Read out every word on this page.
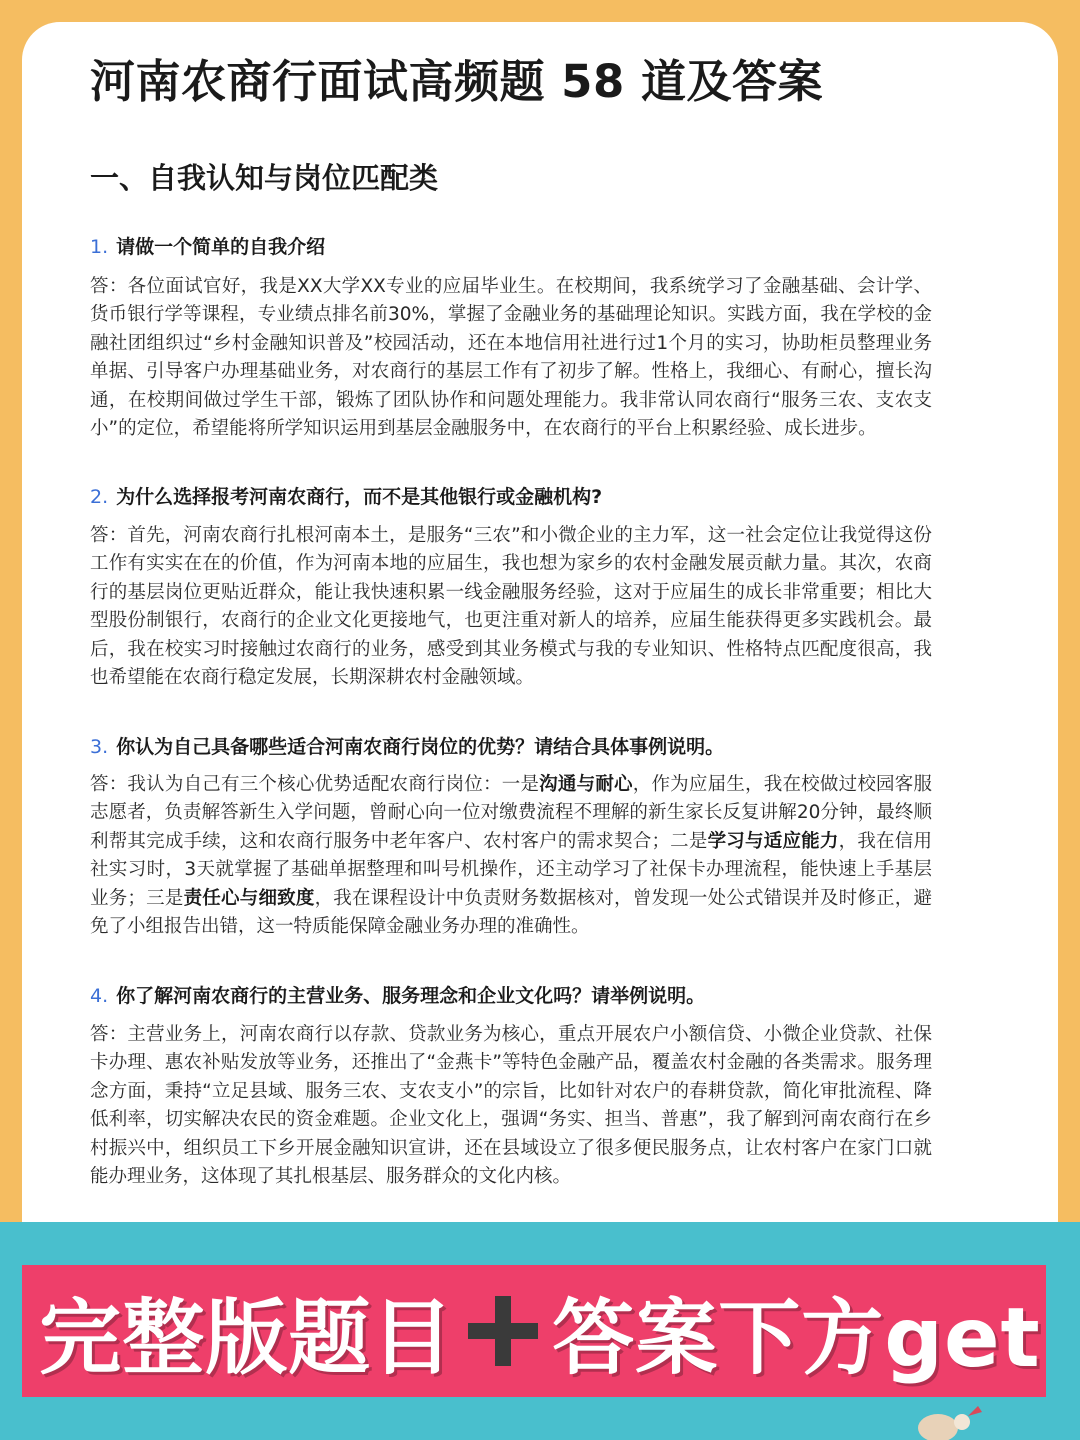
河南农商行面试高频题 58 道及答案
一、自我认知与岗位匹配类
1. 请做一个简单的自我介绍
答：各位面试官好，我是XX大学XX专业的应届毕业生。在校期间，我系统学习了金融基础、会计学、货币银行学等课程，专业绩点排名前30%，掌握了金融业务的基础理论知识。实践方面，我在学校的金融社团组织过“乡村金融知识普及”校园活动，还在本地信用社进行过1个月的实习，协助柜员整理业务单据、引导客户办理基础业务，对农商行的基层工作有了初步了解。性格上，我细心、有耐心，擅长沟通，在校期间做过学生干部，锻炼了团队协作和问题处理能力。我非常认同农商行“服务三农、支农支小”的定位，希望能将所学知识运用到基层金融服务中，在农商行的平台上积累经验、成长进步。
2. 为什么选择报考河南农商行，而不是其他银行或金融机构?
答：首先，河南农商行扎根河南本土，是服务“三农”和小微企业的主力军，这一社会定位让我觉得这份工作有实实在在的价值，作为河南本地的应届生，我也想为家乡的农村金融发展贡献力量。其次，农商行的基层岗位更贴近群众，能让我快速积累一线金融服务经验，这对于应届生的成长非常重要；相比大型股份制银行，农商行的企业文化更接地气，也更注重对新人的培养，应届生能获得更多实践机会。最后，我在校实习时接触过农商行的业务，感受到其业务模式与我的专业知识、性格特点匹配度很高，我也希望能在农商行稳定发展，长期深耕农村金融领域。
3. 你认为自己具备哪些适合河南农商行岗位的优势？请结合具体事例说明。
答：我认为自己有三个核心优势适配农商行岗位：一是沟通与耐心，作为应届生，我在校做过校园客服志愿者，负责解答新生入学问题，曾耐心向一位对缴费流程不理解的新生家长反复讲解20分钟，最终顺利帮其完成手续，这和农商行服务中老年客户、农村客户的需求契合；二是学习与适应能力，我在信用社实习时，3天就掌握了基础单据整理和叫号机操作，还主动学习了社保卡办理流程，能快速上手基层业务；三是责任心与细致度，我在课程设计中负责财务数据核对，曾发现一处公式错误并及时修正，避免了小组报告出错，这一特质能保障金融业务办理的准确性。
4. 你了解河南农商行的主营业务、服务理念和企业文化吗？请举例说明。
答：主营业务上，河南农商行以存款、贷款业务为核心，重点开展农户小额信贷、小微企业贷款、社保卡办理、惠农补贴发放等业务，还推出了“金燕卡”等特色金融产品，覆盖农村金融的各类需求。服务理念方面，秉持“立足县域、服务三农、支农支小”的宗旨，比如针对农户的春耕贷款，简化审批流程、降低利率，切实解决农民的资金难题。企业文化上，强调“务实、担当、普惠”，我了解到河南农商行在乡村振兴中，组织员工下乡开展金融知识宣讲，还在县域设立了很多便民服务点，让农村客户在家门口就能办理业务，这体现了其扎根基层、服务群众的文化内核。
完整版题目 答案下方get
